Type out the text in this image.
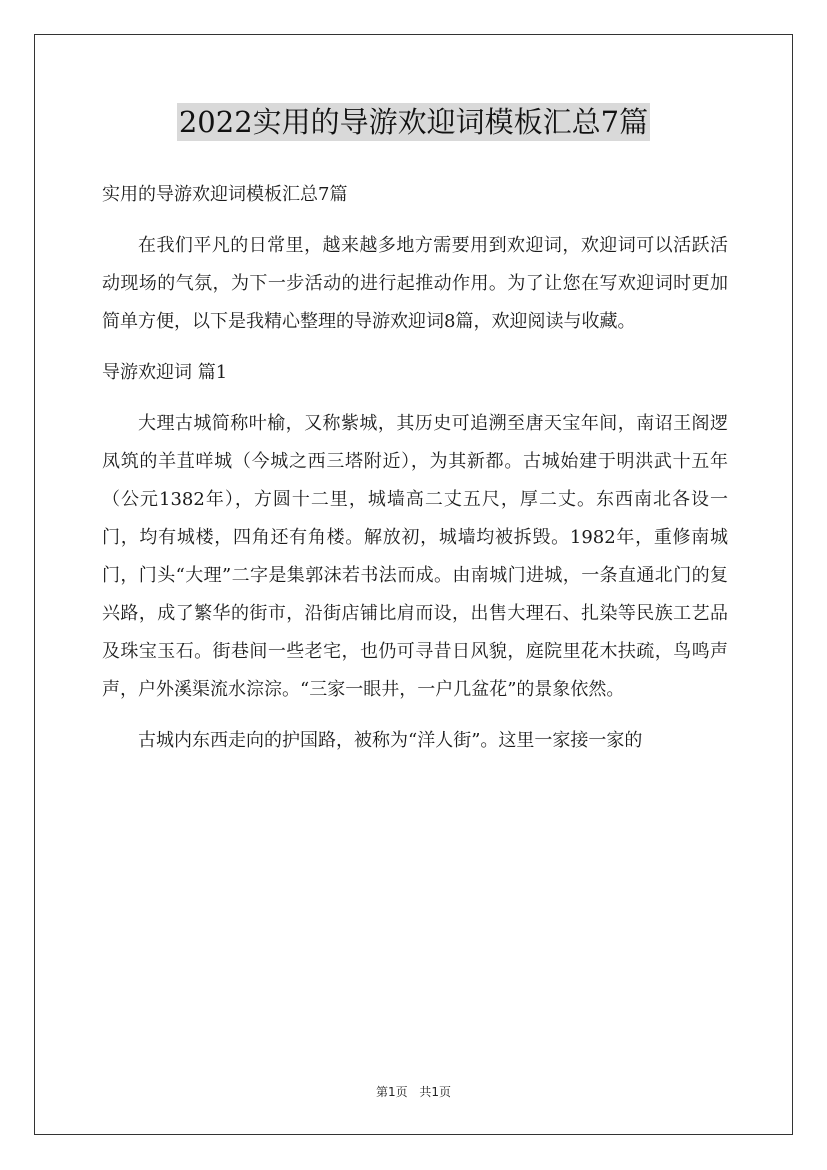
2022实用的导游欢迎词模板汇总7篇

实用的导游欢迎词模板汇总7篇

在我们平凡的日常里，越来越多地方需要用到欢迎词，欢迎词可以活跃活动现场的气氛，为下一步活动的进行起推动作用。为了让您在写欢迎词时更加简单方便，以下是我精心整理的导游欢迎词8篇，欢迎阅读与收藏。

导游欢迎词 篇1

大理古城简称叶榆，又称紫城，其历史可追溯至唐天宝年间，南诏王阁逻凤筑的羊苴咩城（今城之西三塔附近），为其新都。古城始建于明洪武十五年（公元1382年），方圆十二里，城墙高二丈五尺，厚二丈。东西南北各设一门，均有城楼，四角还有角楼。解放初，城墙均被拆毁。1982年，重修南城门，门头“大理”二字是集郭沫若书法而成。由南城门进城，一条直通北门的复兴路，成了繁华的街市，沿街店铺比肩而设，出售大理石、扎染等民族工艺品及珠宝玉石。街巷间一些老宅，也仍可寻昔日风貌，庭院里花木扶疏，鸟鸣声声，户外溪渠流水淙淙。“三家一眼井，一户几盆花”的景象依然。

古城内东西走向的护国路，被称为“洋人街”。这里一家接一家的

第1页 共1页
